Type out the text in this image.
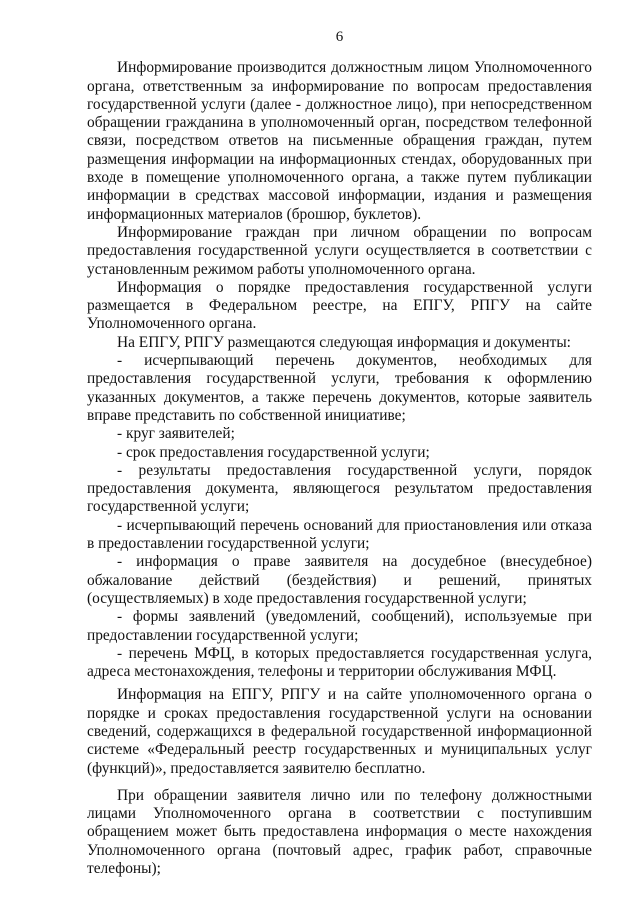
6

Информирование производится должностным лицом Уполномоченного органа, ответственным за информирование по вопросам предоставления государственной услуги (далее - должностное лицо), при непосредственном обращении гражданина в уполномоченный орган, посредством телефонной связи, посредством ответов на письменные обращения граждан, путем размещения информации на информационных стендах, оборудованных при входе в помещение уполномоченного органа, а также путем публикации информации в средствах массовой информации, издания и размещения информационных материалов (брошюр, буклетов).

Информирование граждан при личном обращении по вопросам предоставления государственной услуги осуществляется в соответствии с установленным режимом работы уполномоченного органа.

Информация о порядке предоставления государственной услуги размещается в Федеральном реестре, на ЕПГУ, РПГУ на сайте Уполномоченного органа.

На ЕПГУ, РПГУ размещаются следующая информация и документы:

- исчерпывающий перечень документов, необходимых для предоставления государственной услуги, требования к оформлению указанных документов, а также перечень документов, которые заявитель вправе представить по собственной инициативе;

- круг заявителей;

- срок предоставления государственной услуги;

- результаты предоставления государственной услуги, порядок предоставления документа, являющегося результатом предоставления государственной услуги;

- исчерпывающий перечень оснований для приостановления или отказа в предоставлении государственной услуги;

- информация о праве заявителя на досудебное (внесудебное) обжалование действий (бездействия) и решений, принятых (осуществляемых) в ходе предоставления государственной услуги;

- формы заявлений (уведомлений, сообщений), используемые при предоставлении государственной услуги;

- перечень МФЦ, в которых предоставляется государственная услуга, адреса местонахождения, телефоны и территории обслуживания МФЦ.

Информация на ЕПГУ, РПГУ и на сайте уполномоченного органа о порядке и сроках предоставления государственной услуги на основании сведений, содержащихся в федеральной государственной информационной системе «Федеральный реестр государственных и муниципальных услуг (функций)», предоставляется заявителю бесплатно.

При обращении заявителя лично или по телефону должностными лицами Уполномоченного органа в соответствии с поступившим обращением может быть предоставлена информация о месте нахождения Уполномоченного органа (почтовый адрес, график работ, справочные телефоны);
